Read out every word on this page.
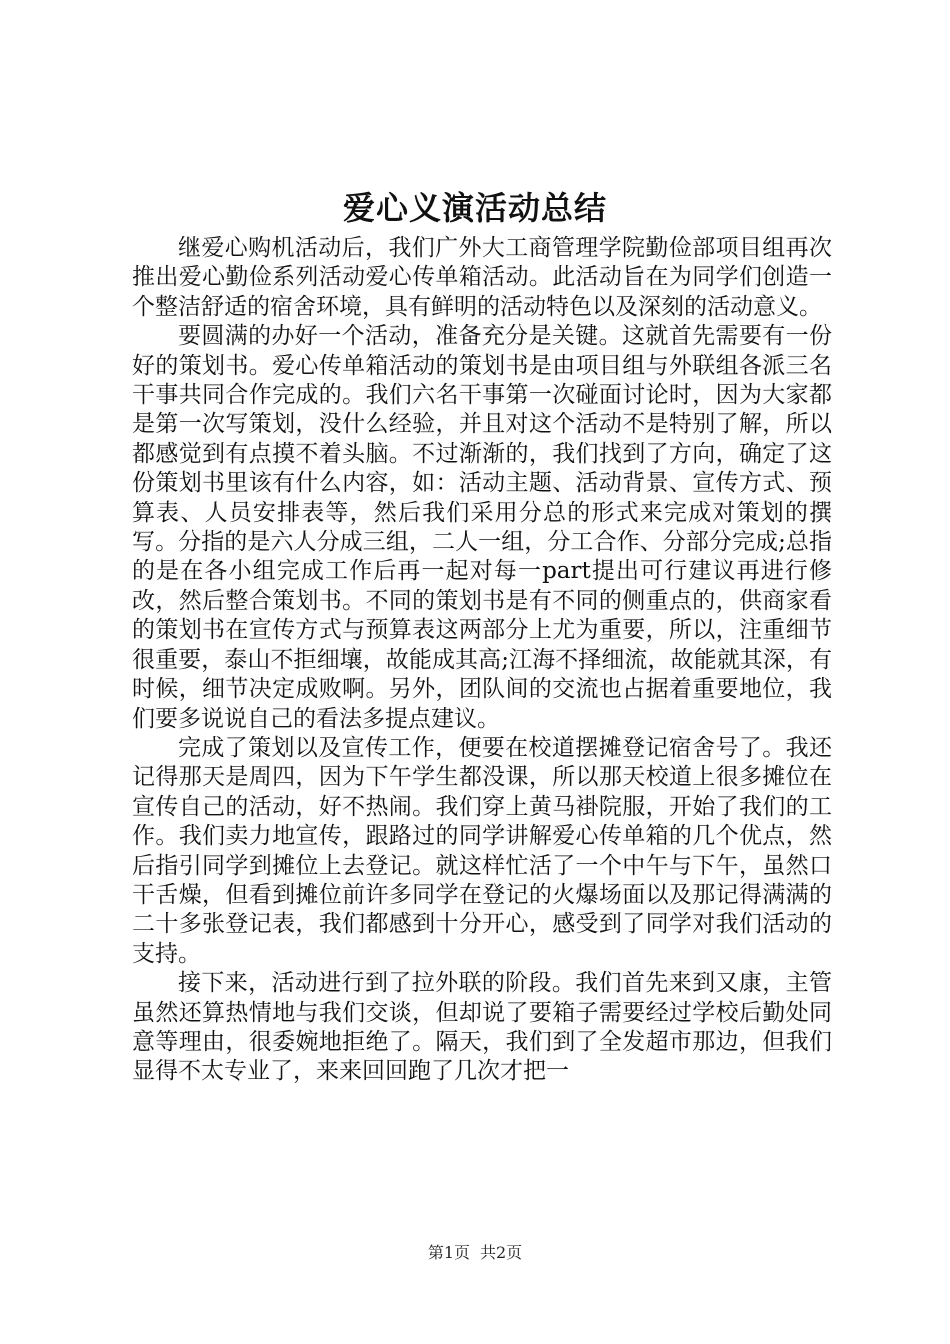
爱心义演活动总结

继爱心购机活动后，我们广外大工商管理学院勤俭部项目组再次推出爱心勤俭系列活动爱心传单箱活动。此活动旨在为同学们创造一个整洁舒适的宿舍环境，具有鲜明的活动特色以及深刻的活动意义。

要圆满的办好一个活动，准备充分是关键。这就首先需要有一份好的策划书。爱心传单箱活动的策划书是由项目组与外联组各派三名干事共同合作完成的。我们六名干事第一次碰面讨论时，因为大家都是第一次写策划，没什么经验，并且对这个活动不是特别了解，所以都感觉到有点摸不着头脑。不过渐渐的，我们找到了方向，确定了这份策划书里该有什么内容，如：活动主题、活动背景、宣传方式、预算表、人员安排表等，然后我们采用分总的形式来完成对策划的撰写。分指的是六人分成三组，二人一组，分工合作、分部分完成;总指的是在各小组完成工作后再一起对每一part提出可行建议再进行修改，然后整合策划书。不同的策划书是有不同的侧重点的，供商家看的策划书在宣传方式与预算表这两部分上尤为重要，所以，注重细节很重要，泰山不拒细壤，故能成其高;江海不择细流，故能就其深，有时候，细节决定成败啊。另外，团队间的交流也占据着重要地位，我们要多说说自己的看法多提点建议。

完成了策划以及宣传工作，便要在校道摆摊登记宿舍号了。我还记得那天是周四，因为下午学生都没课，所以那天校道上很多摊位在宣传自己的活动，好不热闹。我们穿上黄马褂院服，开始了我们的工作。我们卖力地宣传，跟路过的同学讲解爱心传单箱的几个优点，然后指引同学到摊位上去登记。就这样忙活了一个中午与下午，虽然口干舌燥，但看到摊位前许多同学在登记的火爆场面以及那记得满满的二十多张登记表，我们都感到十分开心，感受到了同学对我们活动的支持。

接下来，活动进行到了拉外联的阶段。我们首先来到又康，主管虽然还算热情地与我们交谈，但却说了要箱子需要经过学校后勤处同意等理由，很委婉地拒绝了。隔天，我们到了全发超市那边，但我们显得不太专业了，来来回回跑了几次才把一

第1页 共2页
